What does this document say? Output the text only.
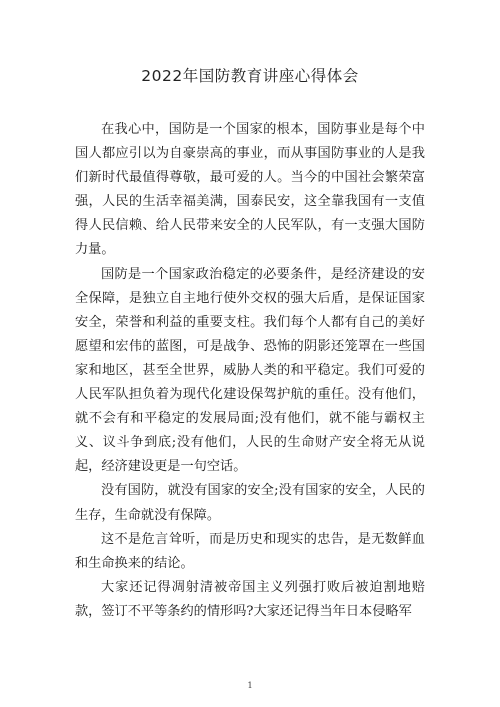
2022年国防教育讲座心得体会

在我心中，国防是一个国家的根本，国防事业是每个中国人都应引以为自豪崇高的事业，而从事国防事业的人是我们新时代最值得尊敬，最可爱的人。当今的中国社会繁荣富强，人民的生活幸福美满，国泰民安，这全靠我国有一支值得人民信赖、给人民带来安全的人民军队，有一支强大国防力量。

国防是一个国家政治稳定的必要条件，是经济建设的安全保障，是独立自主地行使外交权的强大后盾，是保证国家安全，荣誉和利益的重要支柱。我们每个人都有自己的美好愿望和宏伟的蓝图，可是战争、恐怖的阴影还笼罩在一些国家和地区，甚至全世界，威胁人类的和平稳定。我们可爱的人民军队担负着为现代化建设保驾护航的重任。没有他们，就不会有和平稳定的发展局面;没有他们，就不能与霸权主义、议斗争到底;没有他们，人民的生命财产安全将无从说起，经济建设更是一句空话。

没有国防，就没有国家的安全;没有国家的安全，人民的生存，生命就没有保障。

这不是危言耸听，而是历史和现实的忠告，是无数鲜血和生命换来的结论。

大家还记得凋射清被帝国主义列强打败后被迫割地赔款，签订不平等条约的情形吗?大家还记得当年日本侵略军

1
